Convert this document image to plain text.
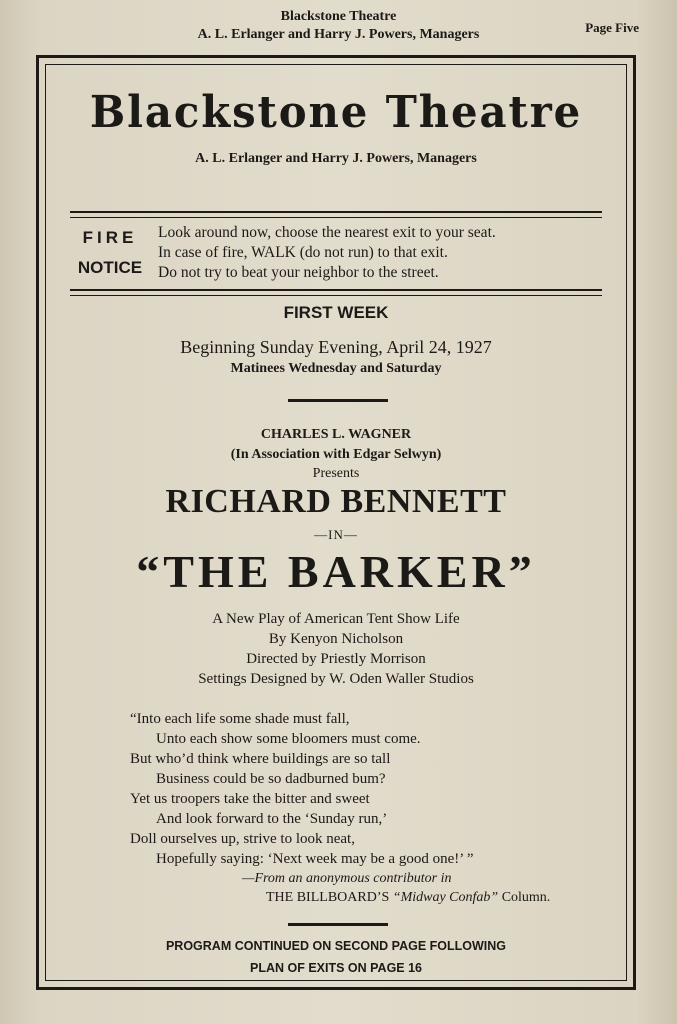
Blackstone Theatre
A. L. Erlanger and Harry J. Powers, Managers	Page Five
Blackstone Theatre
A. L. Erlanger and Harry J. Powers, Managers
FIRE
NOTICE
Look around now, choose the nearest exit to your seat.
In case of fire, WALK (do not run) to that exit.
Do not try to beat your neighbor to the street.
FIRST WEEK
Beginning Sunday Evening, April 24, 1927
Matinees Wednesday and Saturday
CHARLES L. WAGNER
(In Association with Edgar Selwyn)
Presents
RICHARD BENNETT
—IN—
“THE BARKER”
A New Play of American Tent Show Life
By Kenyon Nicholson
Directed by Priestly Morrison
Settings Designed by W. Oden Waller Studios
“Into each life some shade must fall,
Unto each show some bloomers must come.
But who’d think where buildings are so tall
Business could be so dadburned bum?
Yet us troopers take the bitter and sweet
And look forward to the ‘Sunday run,’
Doll ourselves up, strive to look neat,
Hopefully saying: ‘Next week may be a good one!’ ”
—From an anonymous contributor in
THE BILLBOARD’S “Midway Confab” Column.
PROGRAM CONTINUED ON SECOND PAGE FOLLOWING
PLAN OF EXITS ON PAGE 16
